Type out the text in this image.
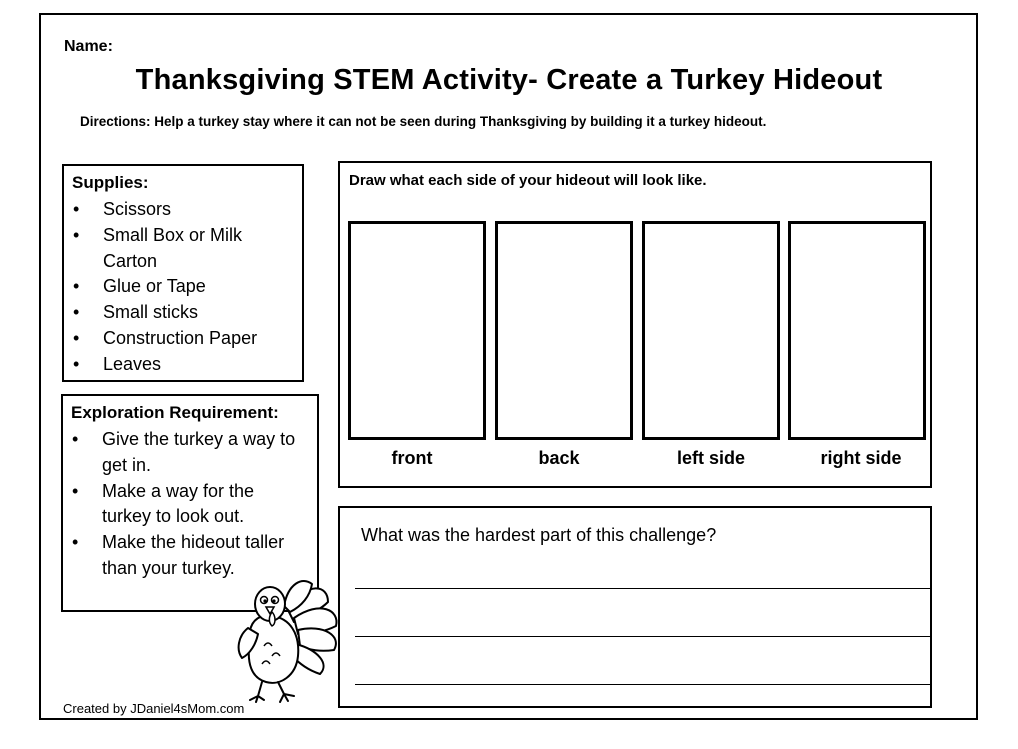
Name:
Thanksgiving STEM Activity- Create a Turkey Hideout
Directions: Help a turkey stay where it can not be seen during Thanksgiving by building it a turkey hideout.
Supplies:
• Scissors
• Small Box or Milk Carton
• Glue or Tape
• Small sticks
• Construction Paper
• Leaves
Exploration Requirement:
• Give the turkey a way to get in.
• Make a way for the turkey to look out.
• Make the hideout taller than your turkey.
Draw what each side of your hideout will look like.
front	back	left side	right side
What was the hardest part of this challenge?
Created by JDaniel4sMom.com
